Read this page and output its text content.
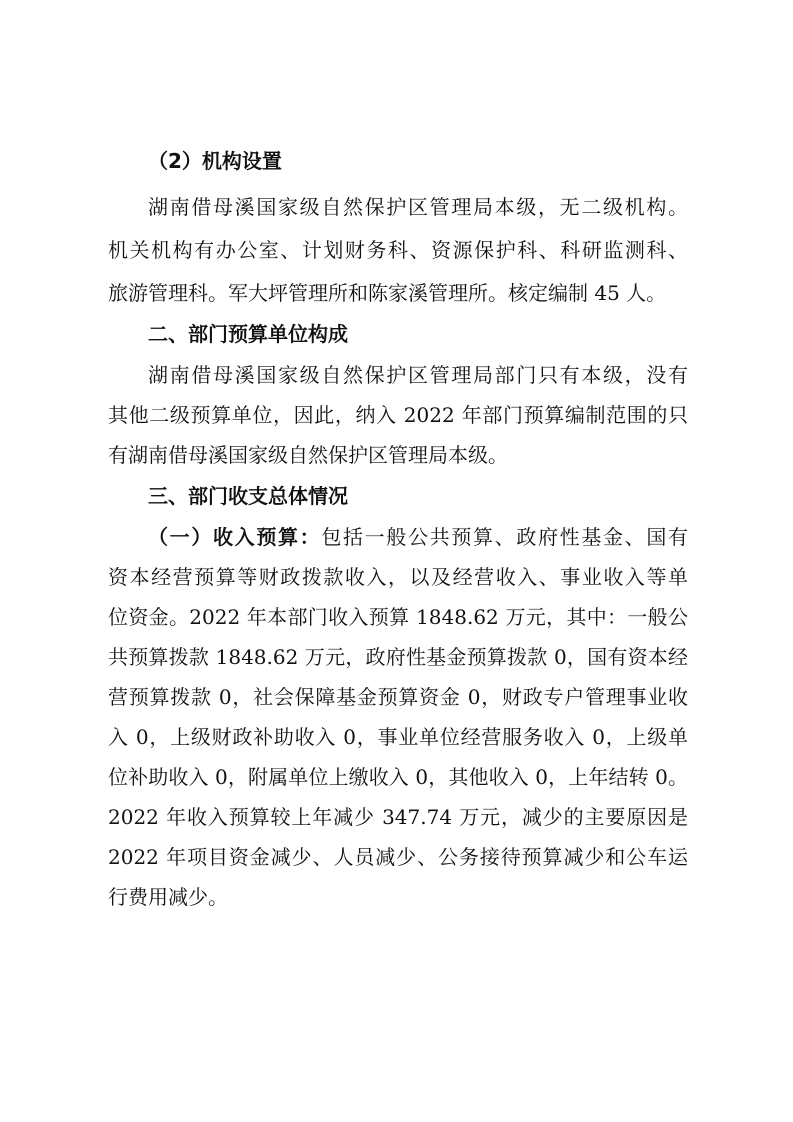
（2）机构设置
湖南借母溪国家级自然保护区管理局本级，无二级机构。
机关机构有办公室、计划财务科、资源保护科、科研监测科、
旅游管理科。军大坪管理所和陈家溪管理所。核定编制 45 人。
二、部门预算单位构成
湖南借母溪国家级自然保护区管理局部门只有本级，没有
其他二级预算单位，因此，纳入 2022 年部门预算编制范围的只
有湖南借母溪国家级自然保护区管理局本级。
三、部门收支总体情况
（一）收入预算：包括一般公共预算、政府性基金、国有
资本经营预算等财政拨款收入，以及经营收入、事业收入等单
位资金。2022 年本部门收入预算 1848.62 万元，其中：一般公
共预算拨款 1848.62 万元，政府性基金预算拨款 0，国有资本经
营预算拨款 0，社会保障基金预算资金 0，财政专户管理事业收
入 0，上级财政补助收入 0，事业单位经营服务收入 0，上级单
位补助收入 0，附属单位上缴收入 0，其他收入 0，上年结转 0。
2022 年收入预算较上年减少 347.74 万元，减少的主要原因是
2022 年项目资金减少、人员减少、公务接待预算减少和公车运
行费用减少。
